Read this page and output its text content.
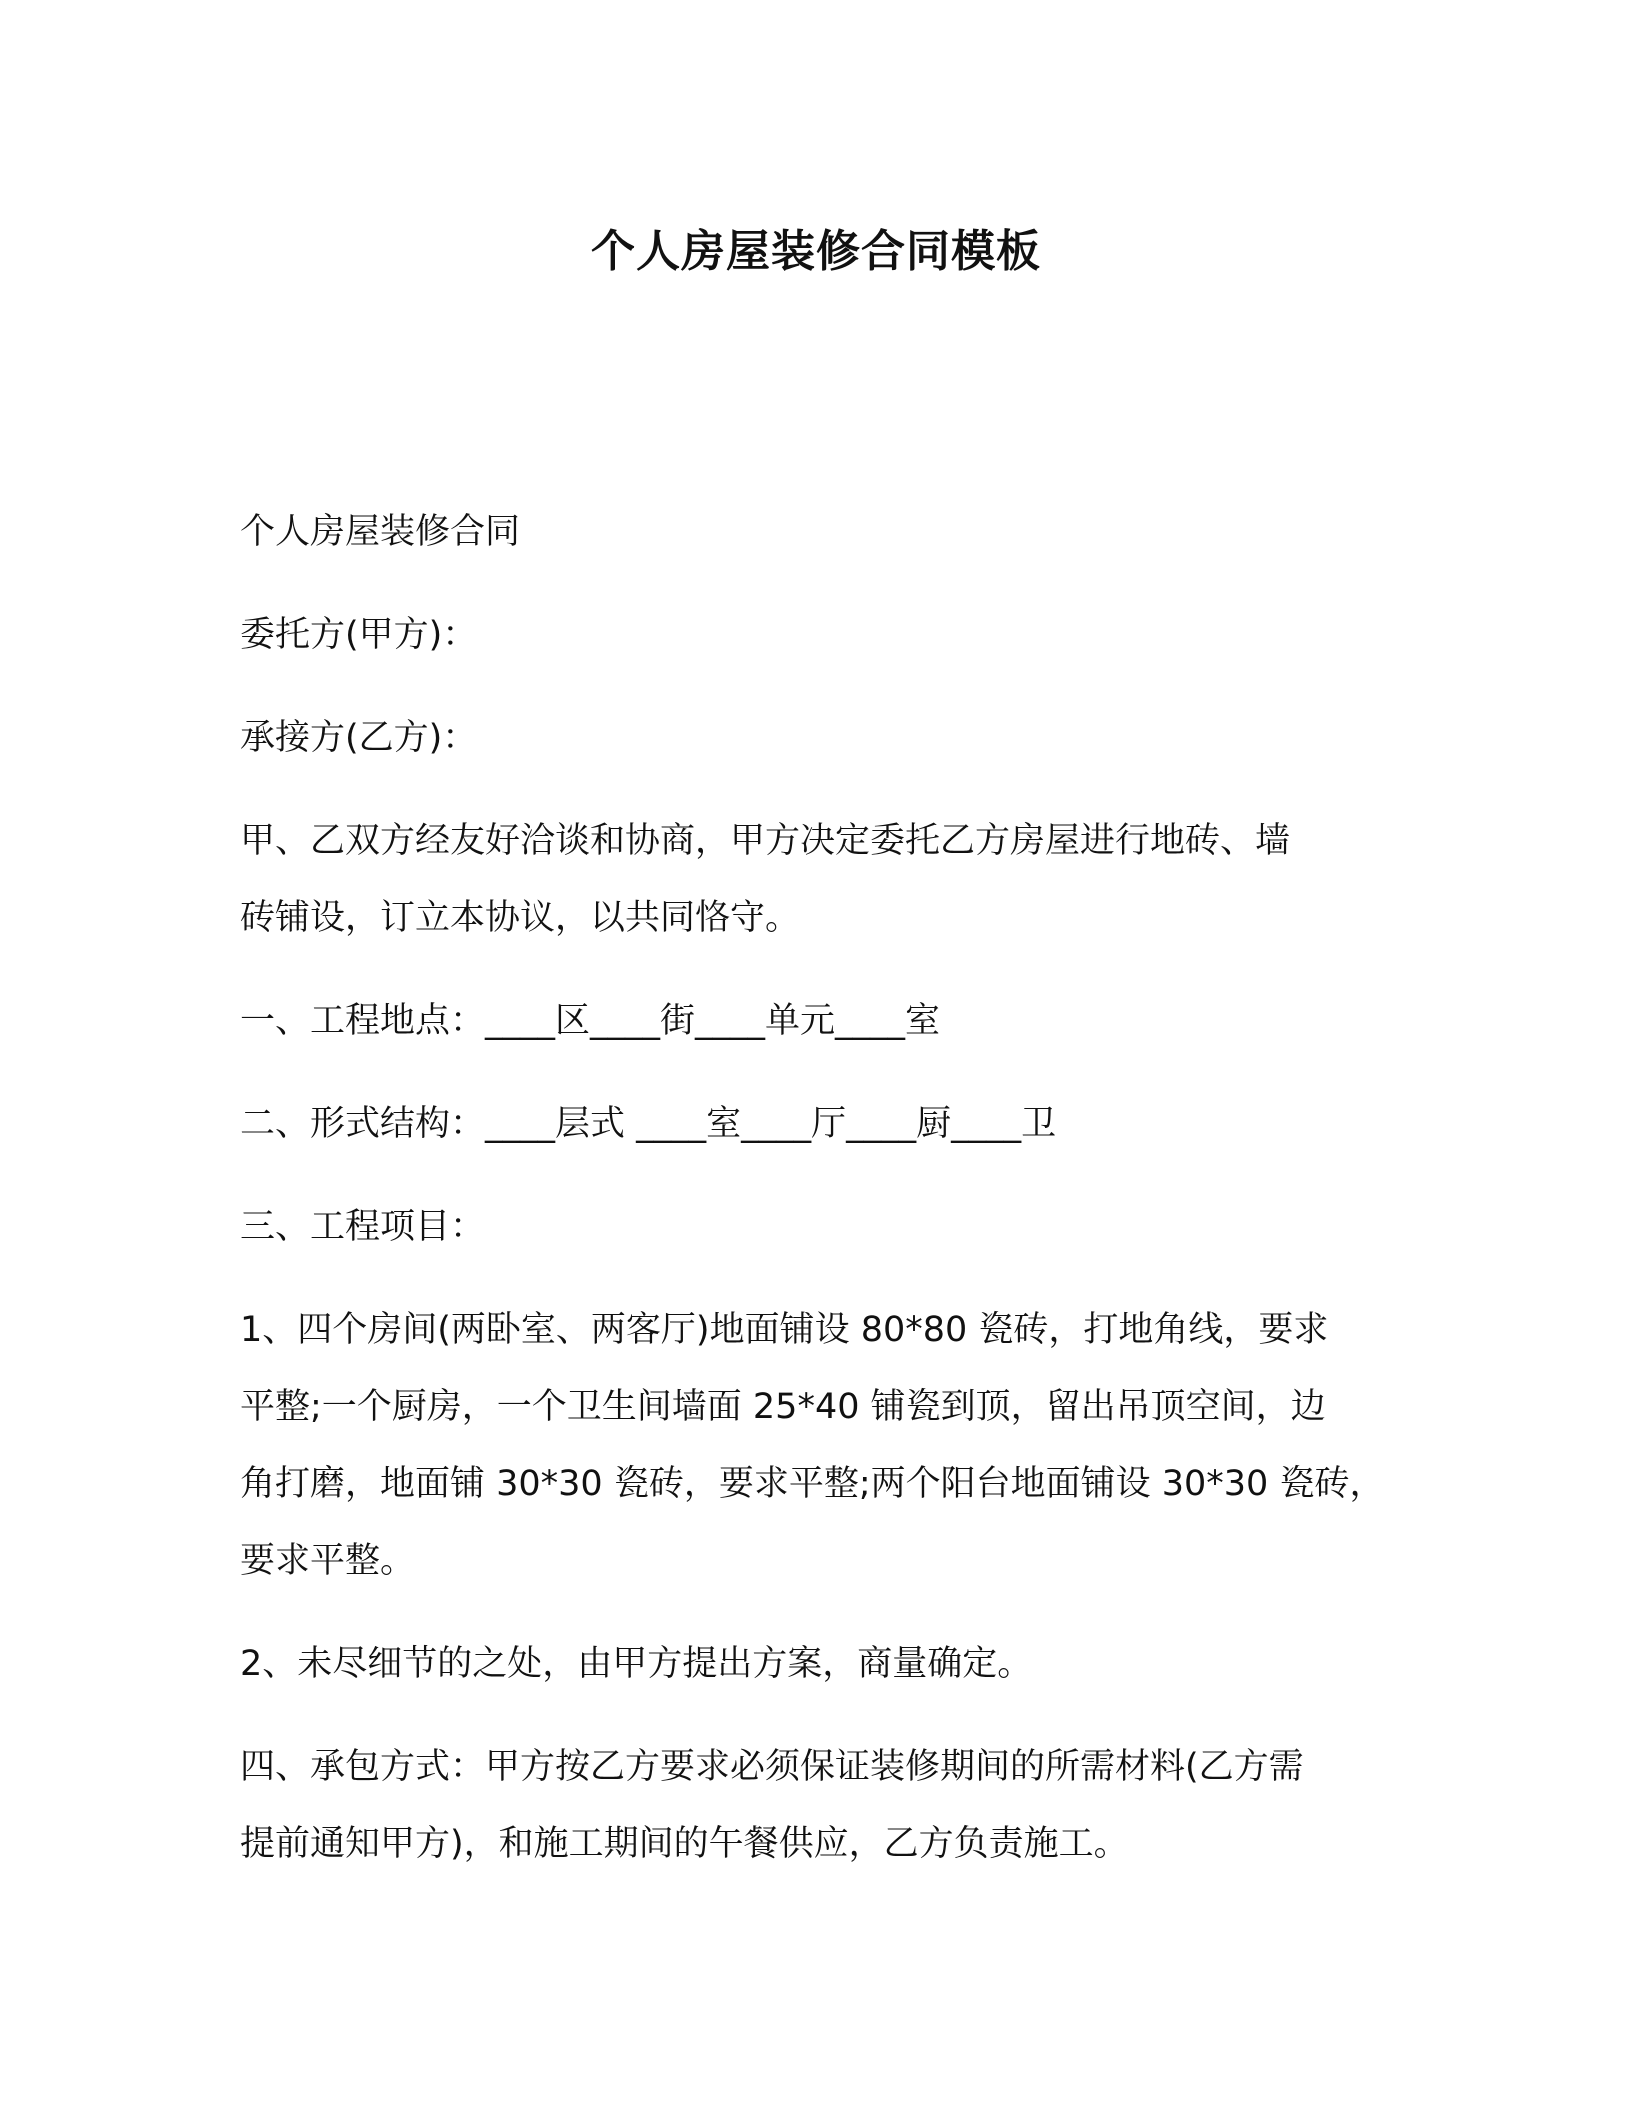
个人房屋装修合同模板

个人房屋装修合同

委托方(甲方)：

承接方(乙方)：

甲、乙双方经友好洽谈和协商，甲方决定委托乙方房屋进行地砖、墙
砖铺设，订立本协议，以共同恪守。

一、工程地点：____区____街____单元____室

二、形式结构：____层式 ____室____厅____厨____卫

三、工程项目：

1、四个房间(两卧室、两客厅)地面铺设 80*80 瓷砖，打地角线，要求
平整;一个厨房，一个卫生间墙面 25*40 铺瓷到顶，留出吊顶空间，边
角打磨，地面铺 30*30 瓷砖，要求平整;两个阳台地面铺设 30*30 瓷砖，
要求平整。

2、未尽细节的之处，由甲方提出方案，商量确定。

四、承包方式：甲方按乙方要求必须保证装修期间的所需材料(乙方需
提前通知甲方)，和施工期间的午餐供应，乙方负责施工。
